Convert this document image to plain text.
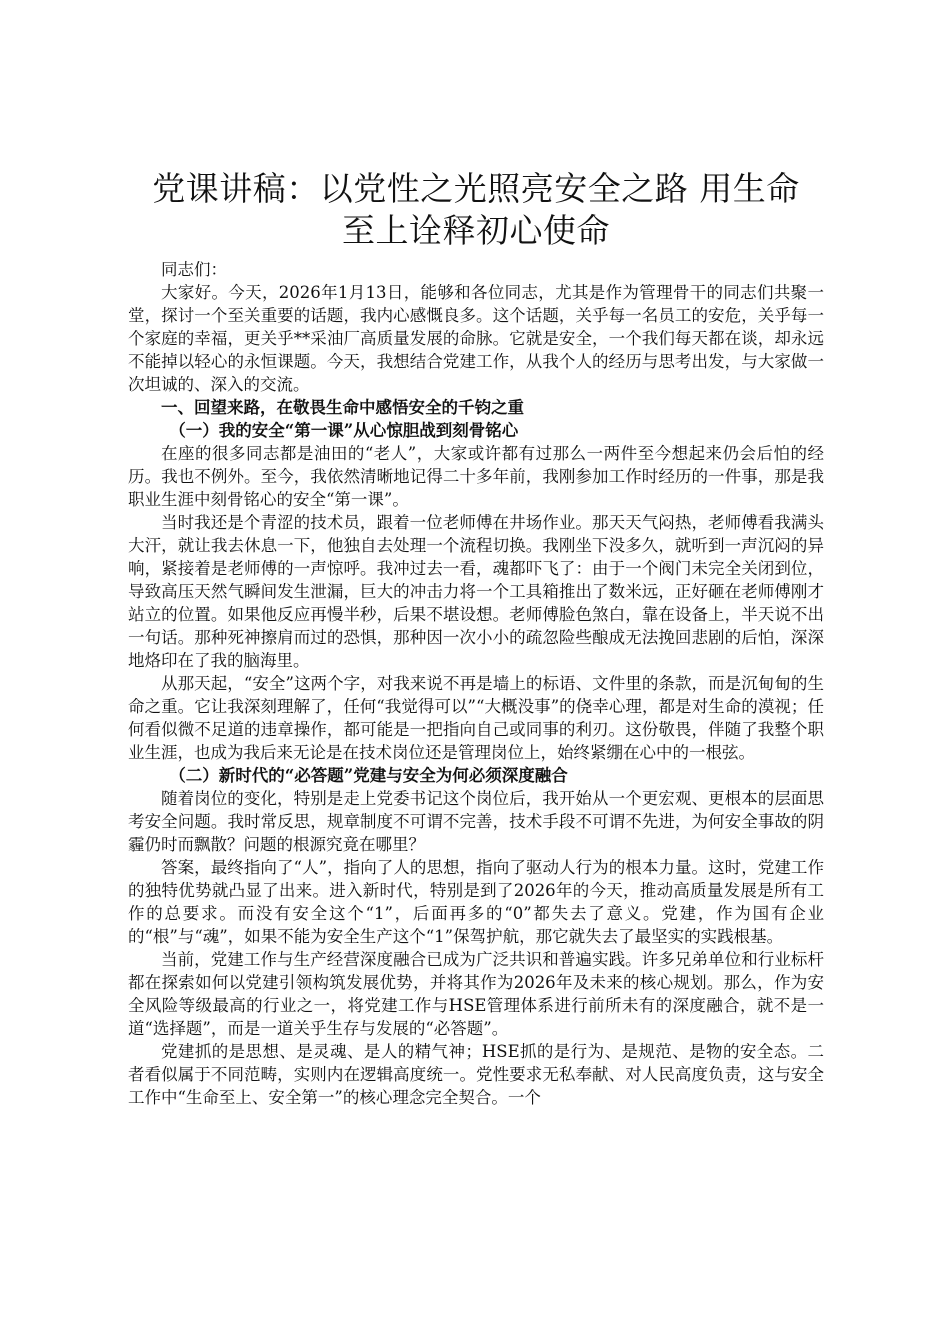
党课讲稿：以党性之光照亮安全之路 用生命
至上诠释初心使命

同志们：

大家好。今天，2026年1月13日，能够和各位同志，尤其是作为管理骨干的同志们共聚一堂，探讨一个至关重要的话题，我内心感慨良多。这个话题，关乎每一名员工的安危，关乎每一个家庭的幸福，更关乎**采油厂高质量发展的命脉。它就是安全，一个我们每天都在谈，却永远不能掉以轻心的永恒课题。今天，我想结合党建工作，从我个人的经历与思考出发，与大家做一次坦诚的、深入的交流。

一、回望来路，在敬畏生命中感悟安全的千钧之重

（一）我的安全“第一课”从心惊胆战到刻骨铭心

在座的很多同志都是油田的“老人”，大家或许都有过那么一两件至今想起来仍会后怕的经历。我也不例外。至今，我依然清晰地记得二十多年前，我刚参加工作时经历的一件事，那是我职业生涯中刻骨铭心的安全“第一课”。

当时我还是个青涩的技术员，跟着一位老师傅在井场作业。那天天气闷热，老师傅看我满头大汗，就让我去休息一下，他独自去处理一个流程切换。我刚坐下没多久，就听到一声沉闷的异响，紧接着是老师傅的一声惊呼。我冲过去一看，魂都吓飞了：由于一个阀门未完全关闭到位，导致高压天然气瞬间发生泄漏，巨大的冲击力将一个工具箱推出了数米远，正好砸在老师傅刚才站立的位置。如果他反应再慢半秒，后果不堪设想。老师傅脸色煞白，靠在设备上，半天说不出一句话。那种死神擦肩而过的恐惧，那种因一次小小的疏忽险些酿成无法挽回悲剧的后怕，深深地烙印在了我的脑海里。

从那天起，“安全”这两个字，对我来说不再是墙上的标语、文件里的条款，而是沉甸甸的生命之重。它让我深刻理解了，任何“我觉得可以”“大概没事”的侥幸心理，都是对生命的漠视；任何看似微不足道的违章操作，都可能是一把指向自己或同事的利刃。这份敬畏，伴随了我整个职业生涯，也成为我后来无论是在技术岗位还是管理岗位上，始终紧绷在心中的一根弦。

（二）新时代的“必答题”党建与安全为何必须深度融合

随着岗位的变化，特别是走上党委书记这个岗位后，我开始从一个更宏观、更根本的层面思考安全问题。我时常反思，规章制度不可谓不完善，技术手段不可谓不先进，为何安全事故的阴霾仍时而飘散？问题的根源究竟在哪里？

答案，最终指向了“人”，指向了人的思想，指向了驱动人行为的根本力量。这时，党建工作的独特优势就凸显了出来。进入新时代，特别是到了2026年的今天，推动高质量发展是所有工作的总要求。而没有安全这个“1”，后面再多的“0”都失去了意义。党建，作为国有企业的“根”与“魂”，如果不能为安全生产这个“1”保驾护航，那它就失去了最坚实的实践根基。

当前，党建工作与生产经营深度融合已成为广泛共识和普遍实践。许多兄弟单位和行业标杆都在探索如何以党建引领构筑发展优势，并将其作为2026年及未来的核心规划。那么，作为安全风险等级最高的行业之一，将党建工作与HSE管理体系进行前所未有的深度融合，就不是一道“选择题”，而是一道关乎生存与发展的“必答题”。

党建抓的是思想、是灵魂、是人的精气神；HSE抓的是行为、是规范、是物的安全态。二者看似属于不同范畴，实则内在逻辑高度统一。党性要求无私奉献、对人民高度负责，这与安全工作中“生命至上、安全第一”的核心理念完全契合。一个
